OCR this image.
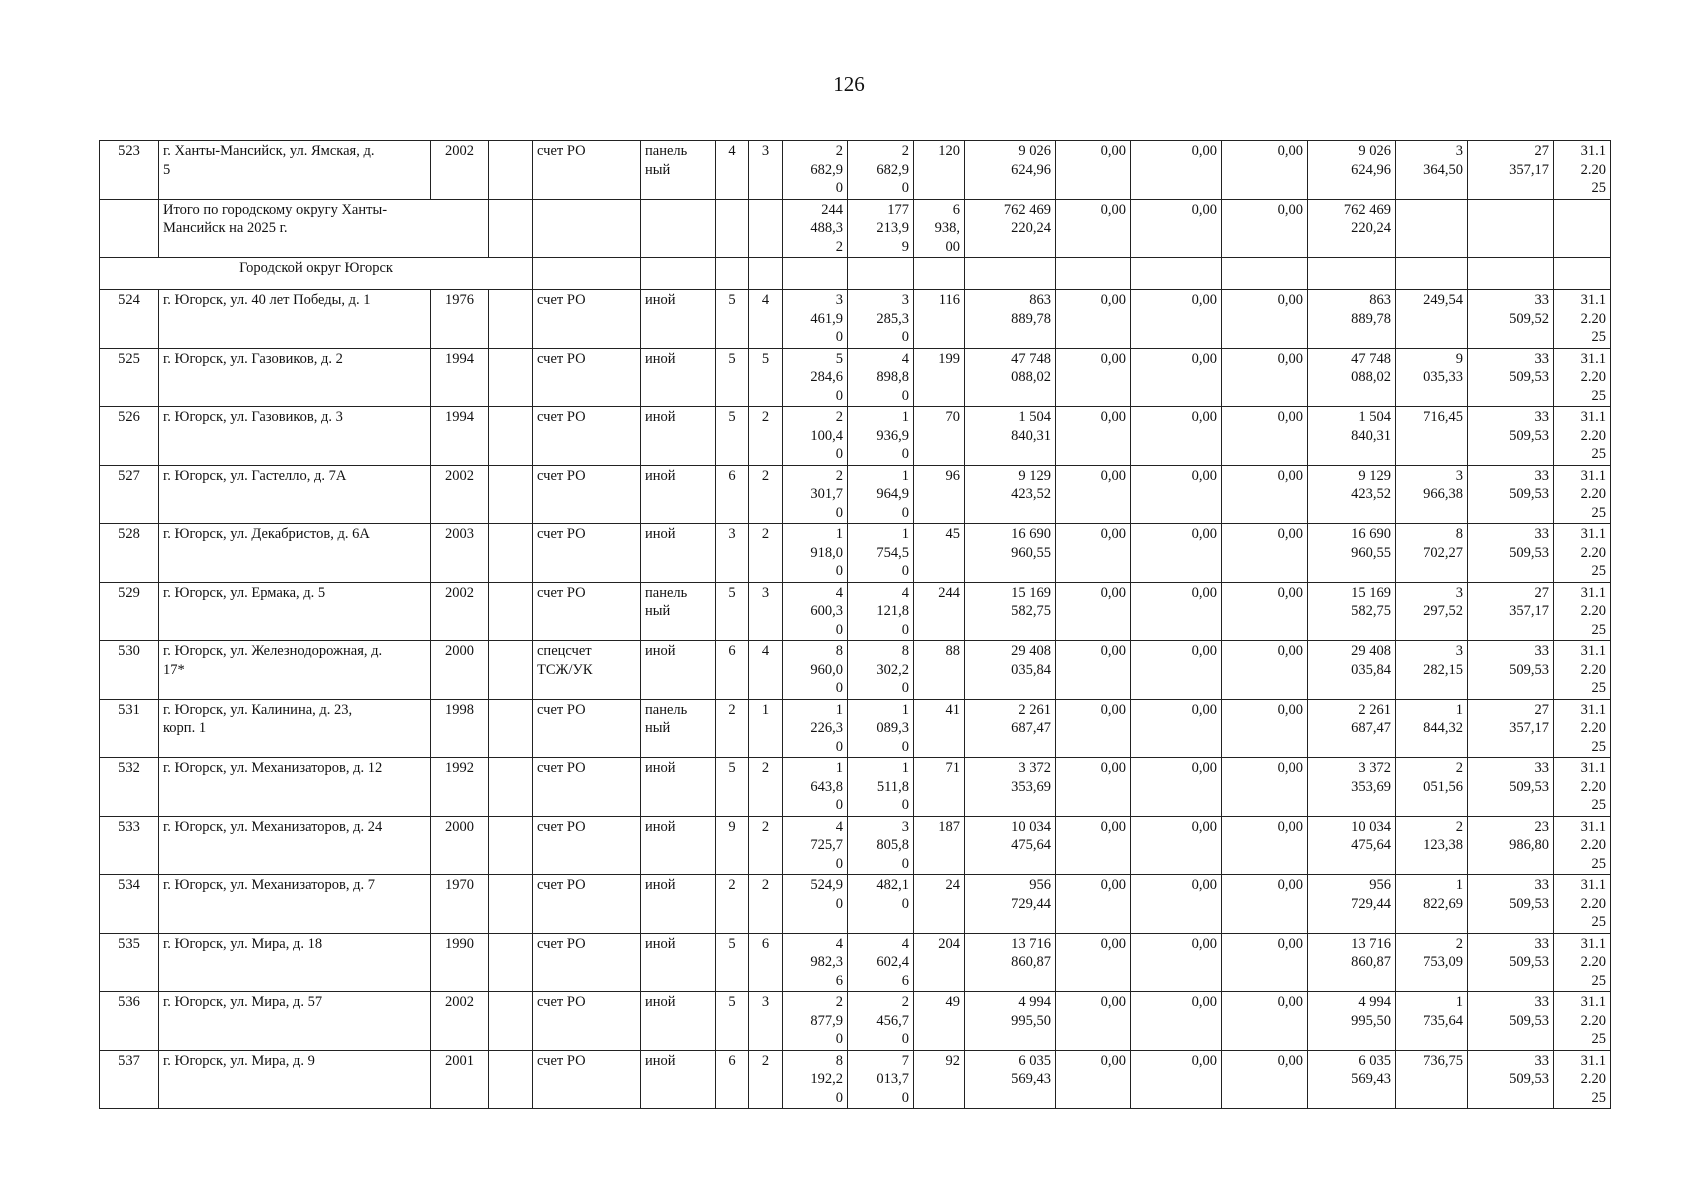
126
523	г. Ханты-Мансийск, ул. Ямская, д.
5	2002		счет РО	панель
ный	4	3	2
682,9
0	2
682,9
0	120	9 026
624,96	0,00	0,00	0,00	9 026
624,96	3
364,50	27
357,17	31.1
2.20
25
	Итого по городскому округу Ханты-
Мансийск на 2025 г.							244
488,3
2	177
213,9
9	6
938,
00	762 469
220,24	0,00	0,00	0,00	762 469
220,24			
Городской округ Югорск																		
524	г. Югорск, ул. 40 лет Победы, д. 1	1976		счет РО	иной	5	4	3
461,9
0	3
285,3
0	116	863
889,78	0,00	0,00	0,00	863
889,78	249,54	33
509,52	31.1
2.20
25
525	г. Югорск, ул. Газовиков, д. 2	1994		счет РО	иной	5	5	5
284,6
0	4
898,8
0	199	47 748
088,02	0,00	0,00	0,00	47 748
088,02	9
035,33	33
509,53	31.1
2.20
25
526	г. Югорск, ул. Газовиков, д. 3	1994		счет РО	иной	5	2	2
100,4
0	1
936,9
0	70	1 504
840,31	0,00	0,00	0,00	1 504
840,31	716,45	33
509,53	31.1
2.20
25
527	г. Югорск, ул. Гастелло, д. 7А	2002		счет РО	иной	6	2	2
301,7
0	1
964,9
0	96	9 129
423,52	0,00	0,00	0,00	9 129
423,52	3
966,38	33
509,53	31.1
2.20
25
528	г. Югорск, ул. Декабристов, д. 6А	2003		счет РО	иной	3	2	1
918,0
0	1
754,5
0	45	16 690
960,55	0,00	0,00	0,00	16 690
960,55	8
702,27	33
509,53	31.1
2.20
25
529	г. Югорск, ул. Ермака, д. 5	2002		счет РО	панель
ный	5	3	4
600,3
0	4
121,8
0	244	15 169
582,75	0,00	0,00	0,00	15 169
582,75	3
297,52	27
357,17	31.1
2.20
25
530	г. Югорск, ул. Железнодорожная, д.
17*	2000		спецсчет
ТСЖ/УК	иной	6	4	8
960,0
0	8
302,2
0	88	29 408
035,84	0,00	0,00	0,00	29 408
035,84	3
282,15	33
509,53	31.1
2.20
25
531	г. Югорск, ул. Калинина, д. 23,
корп. 1	1998		счет РО	панель
ный	2	1	1
226,3
0	1
089,3
0	41	2 261
687,47	0,00	0,00	0,00	2 261
687,47	1
844,32	27
357,17	31.1
2.20
25
532	г. Югорск, ул. Механизаторов, д. 12	1992		счет РО	иной	5	2	1
643,8
0	1
511,8
0	71	3 372
353,69	0,00	0,00	0,00	3 372
353,69	2
051,56	33
509,53	31.1
2.20
25
533	г. Югорск, ул. Механизаторов, д. 24	2000		счет РО	иной	9	2	4
725,7
0	3
805,8
0	187	10 034
475,64	0,00	0,00	0,00	10 034
475,64	2
123,38	23
986,80	31.1
2.20
25
534	г. Югорск, ул. Механизаторов, д. 7	1970		счет РО	иной	2	2	524,9
0	482,1
0	24	956
729,44	0,00	0,00	0,00	956
729,44	1
822,69	33
509,53	31.1
2.20
25
535	г. Югорск, ул. Мира, д. 18	1990		счет РО	иной	5	6	4
982,3
6	4
602,4
6	204	13 716
860,87	0,00	0,00	0,00	13 716
860,87	2
753,09	33
509,53	31.1
2.20
25
536	г. Югорск, ул. Мира, д. 57	2002		счет РО	иной	5	3	2
877,9
0	2
456,7
0	49	4 994
995,50	0,00	0,00	0,00	4 994
995,50	1
735,64	33
509,53	31.1
2.20
25
537	г. Югорск, ул. Мира, д. 9	2001		счет РО	иной	6	2	8
192,2
0	7
013,7
0	92	6 035
569,43	0,00	0,00	0,00	6 035
569,43	736,75	33
509,53	31.1
2.20
25
